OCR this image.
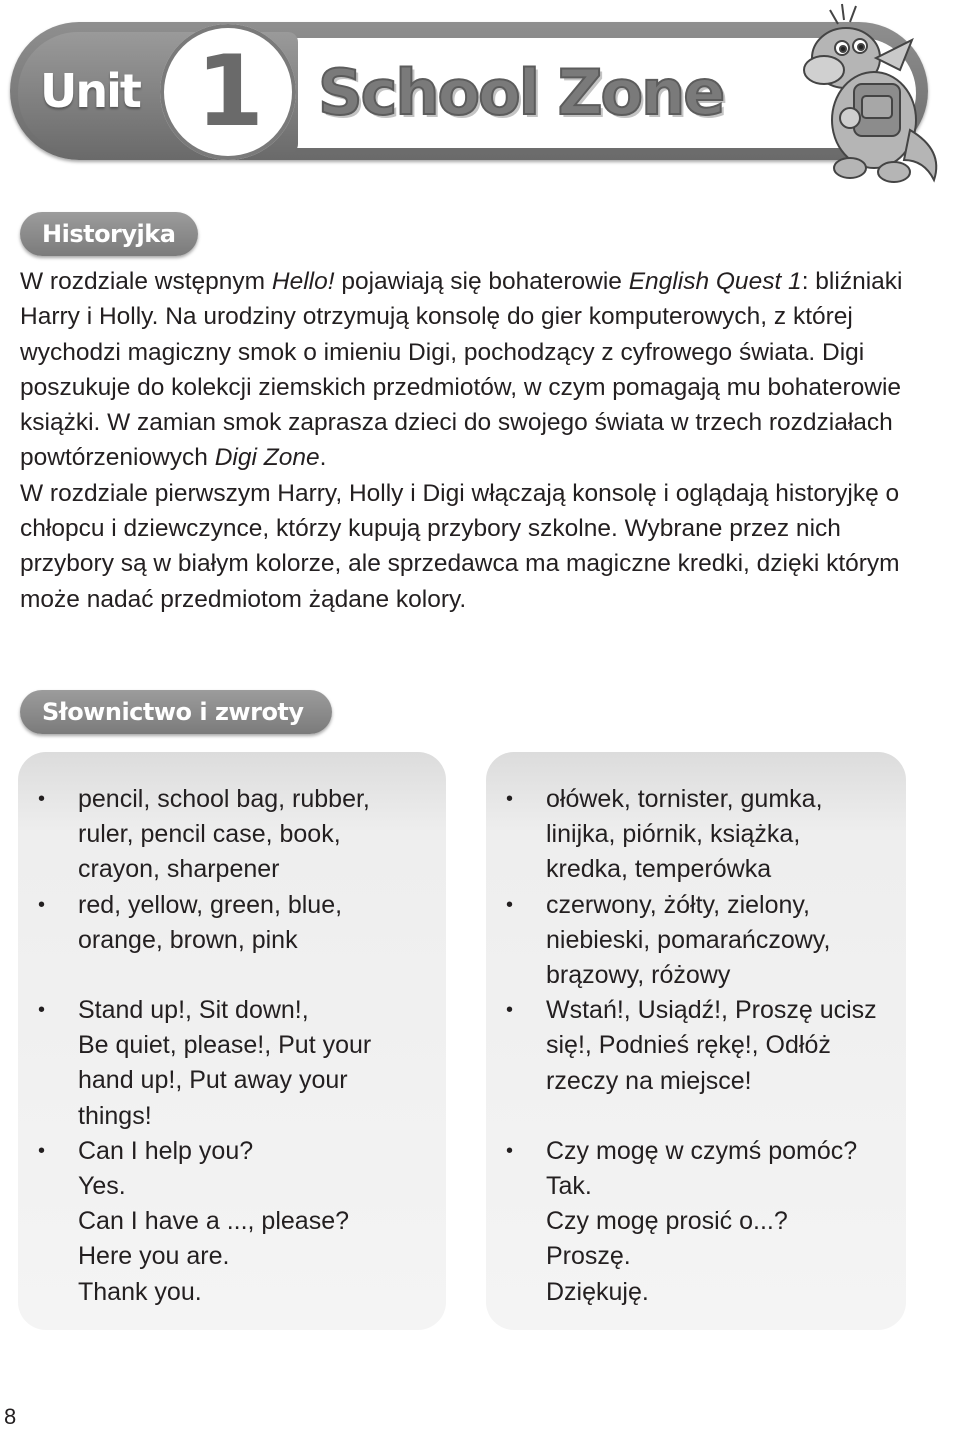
Unit 1 School Zone
Historyjka

W rozdziale wstępnym Hello! pojawiają się bohaterowie English Quest 1: bliźniaki Harry i Holly. Na urodziny otrzymują konsolę do gier komputerowych, z której wychodzi magiczny smok o imieniu Digi, pochodzący z cyfrowego świata. Digi poszukuje do kolekcji ziemskich przedmiotów, w czym pomagają mu bohaterowie książki. W zamian smok zaprasza dzieci do swojego świata w trzech rozdziałach powtórzeniowych Digi Zone.

W rozdziale pierwszym Harry, Holly i Digi włączają konsolę i oglądają historyjkę o chłopcu i dziewczynce, którzy kupują przybory szkolne. Wybrane przez nich przybory są w białym kolorze, ale sprzedawca ma magiczne kredki, dzięki którym może nadać przedmiotom żądane kolory.

Słownictwo i zwroty
• pencil, school bag, rubber,
ruler, pencil case, book,
crayon, sharpener
• red, yellow, green, blue,
orange, brown, pink
• Stand up!, Sit down!,
Be quiet, please!, Put your
hand up!, Put away your
things!
• Can I help you?
Yes.
Can I have a ..., please?
Here you are.
Thank you.
• ołówek, tornister, gumka,
linijka, piórnik, książka,
kredka, temperówka
• czerwony, żółty, zielony,
niebieski, pomarańczowy,
brązowy, różowy
• Wstań!, Usiądź!, Proszę ucisz
się!, Podnieś rękę!, Odłóż
rzeczy na miejsce!
• Czy mogę w czymś pomóc?
Tak.
Czy mogę prosić o...?
Proszę.
Dziękuję.
8
